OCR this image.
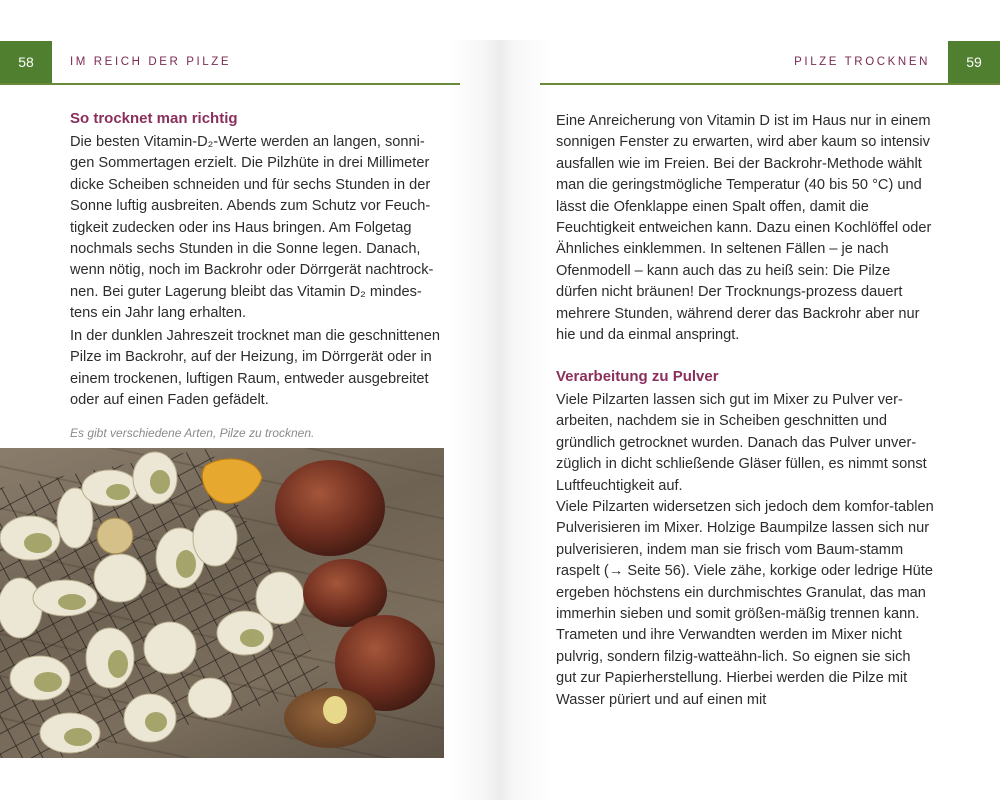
58	IM REICH DER PILZE
So trocknet man richtig

Die besten Vitamin-D₂-Werte werden an langen, sonni-gen Sommertagen erzielt. Die Pilzhüte in drei Millimeter dicke Scheiben schneiden und für sechs Stunden in der Sonne luftig ausbreiten. Abends zum Schutz vor Feuch-tigkeit zudecken oder ins Haus bringen. Am Folgetag nochmals sechs Stunden in die Sonne legen. Danach, wenn nötig, noch im Backrohr oder Dörrgerät nachtrock-nen. Bei guter Lagerung bleibt das Vitamin D₂ mindes-tens ein Jahr lang erhalten.

In der dunklen Jahreszeit trocknet man die geschnittenen Pilze im Backrohr, auf der Heizung, im Dörrgerät oder in einem trockenen, luftigen Raum, entweder ausgebreitet oder auf einen Faden gefädelt.

Es gibt verschiedene Arten, Pilze zu trocknen.
PILZE TROCKNEN	59

Eine Anreicherung von Vitamin D ist im Haus nur in einem sonnigen Fenster zu erwarten, wird aber kaum so intensiv ausfallen wie im Freien. Bei der Backrohr-Methode wählt man die geringstmögliche Temperatur (40 bis 50 °C) und lässt die Ofenklappe einen Spalt offen, damit die Feuchtigkeit entweichen kann. Dazu einen Kochlöffel oder Ähnliches einklemmen. In seltenen Fällen – je nach Ofenmodell – kann auch das zu heiß sein: Die Pilze dürfen nicht bräunen! Der Trocknungs-prozess dauert mehrere Stunden, während derer das Backrohr aber nur hie und da einmal anspringt.

Verarbeitung zu Pulver

Viele Pilzarten lassen sich gut im Mixer zu Pulver ver-arbeiten, nachdem sie in Scheiben geschnitten und gründlich getrocknet wurden. Danach das Pulver unver-züglich in dicht schließende Gläser füllen, es nimmt sonst Luftfeuchtigkeit auf.

Viele Pilzarten widersetzen sich jedoch dem komfor-tablen Pulverisieren im Mixer. Holzige Baumpilze lassen sich nur pulverisieren, indem man sie frisch vom Baum-stamm raspelt (→ Seite 56). Viele zähe, korkige oder ledrige Hüte ergeben höchstens ein durchmischtes Granulat, das man immerhin sieben und somit größen-mäßig trennen kann. Trameten und ihre Verwandten werden im Mixer nicht pulvrig, sondern filzig-watteähn-lich. So eignen sie sich gut zur Papierherstellung. Hierbei werden die Pilze mit Wasser püriert und auf einen mit
